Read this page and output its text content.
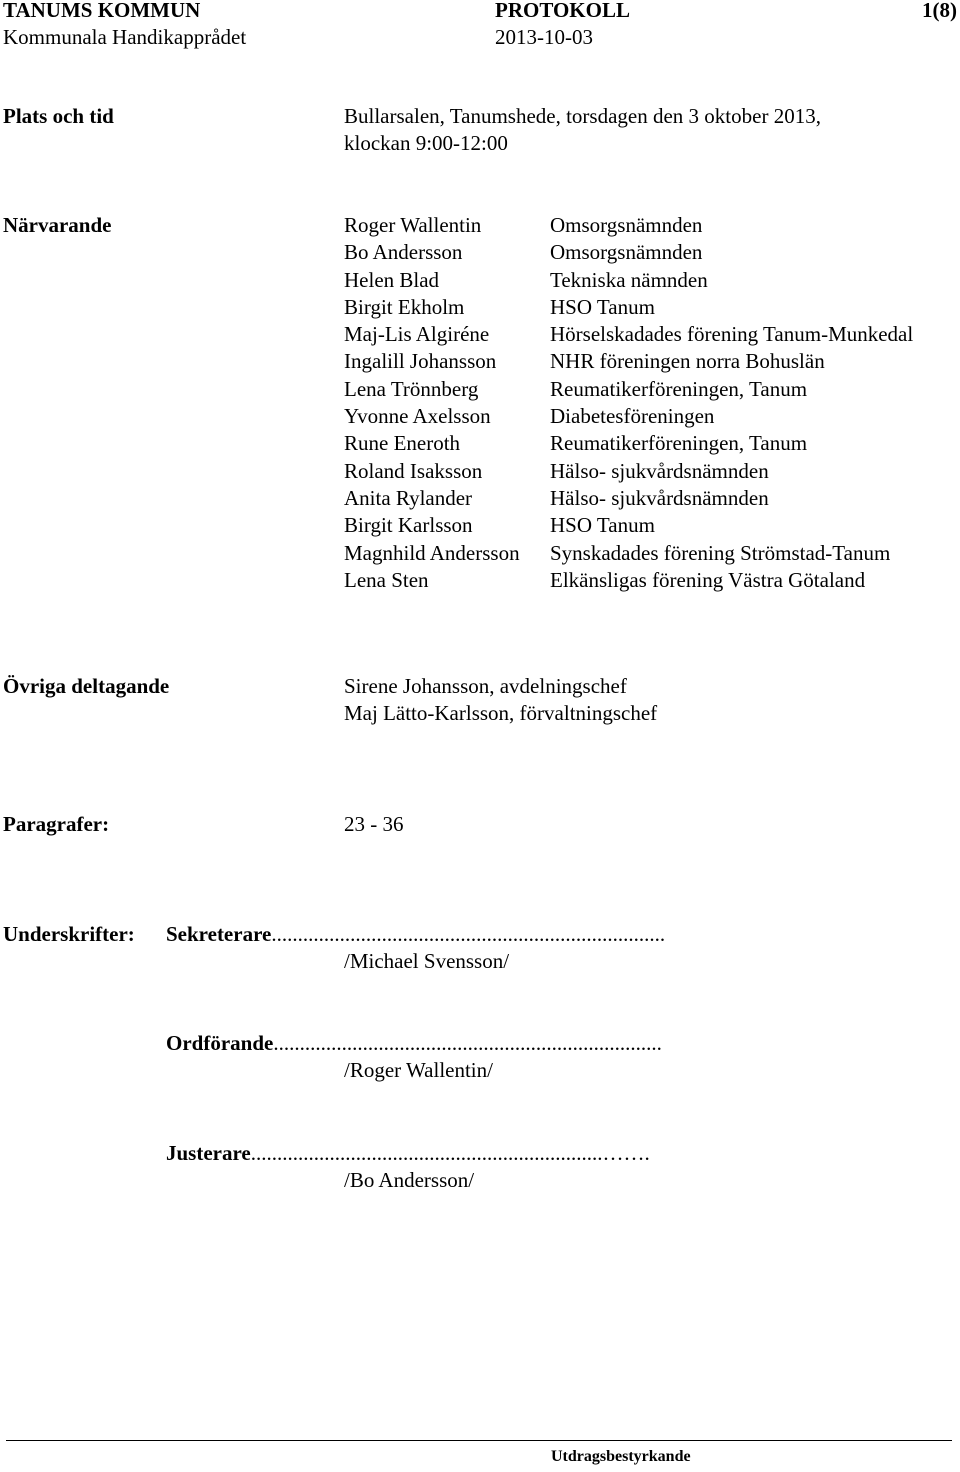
TANUMS KOMMUN	PROTOKOLL	1(8)
Kommunala Handikapprådet	2013-10-03
Plats och tid	Bullarsalen, Tanumshede, torsdagen den 3 oktober 2013,
klockan 9:00-12:00
Närvarande	Roger Wallentin	Omsorgsnämnden
Bo Andersson	Omsorgsnämnden
Helen Blad	Tekniska nämnden
Birgit Ekholm	HSO Tanum
Maj-Lis Algiréne	Hörselskadades förening Tanum-Munkedal
Ingalill Johansson	NHR föreningen norra Bohuslän
Lena Trönnberg	Reumatikerföreningen, Tanum
Yvonne Axelsson	Diabetesföreningen
Rune Eneroth	Reumatikerföreningen, Tanum
Roland Isaksson	Hälso- sjukvårdsnämnden
Anita Rylander	Hälso- sjukvårdsnämnden
Birgit Karlsson	HSO Tanum
Magnhild Andersson	Synskadades förening Strömstad-Tanum
Lena Sten	Elkänsligas förening Västra Götaland
Övriga deltagande	Sirene Johansson, avdelningschef
Maj Lätto-Karlsson, förvaltningschef
Paragrafer:	23 - 36
Underskrifter: Sekreterare...........................................................................
/Michael Svensson/
Ordförande..........................................................................
/Roger Wallentin/
Justerare...................................................................…….
/Bo Andersson/
Utdragsbestyrkande
